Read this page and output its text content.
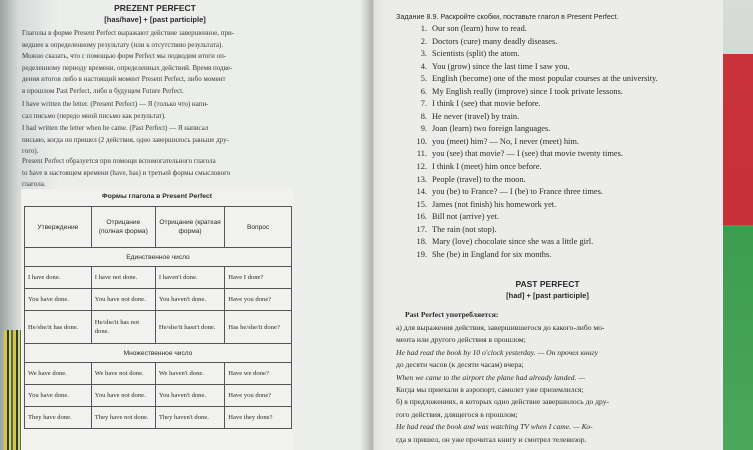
PREZENT PERFECT
[has/have] + [past participle]
Глаголы в форме Present Perfect выражают действие завершенное, при-
ведшее к определенному результату (или к отсутствию результата).
Можно сказать, что с помощью форм Perfect мы подводим итоги оп-
ределенному периоду времени, определенных действий. Время подве-
дения итогов либо в настоящий момент Present Perfect, либо момент
в прошлом Past Perfect, либо в будущем Future Perfect.
I have written the letter. (Present Perfect) — Я (только что) напи-
сал письмо (передо мной письмо как результат).
I had written the letter when he came. (Past Perfect) — Я написал
письмо, когда он пришел (2 действия, одно завершилось раньше дру-
гого).
Present Perfect образуется при помощи вспомогательного глагола
to have в настоящем времени (have, has) и третьей формы смыслового
глагола.
Формы глагола в Present Perfect
Утверждение	Отрицание (полная форма)	Отрицание (краткая форма)	Вопрос
Единственное число			
I have done.	I have not done.	I haven't done.	Have I done?
You have done.	You have not done.	You haven't done.	Have you done?
He/she/it has done.	He/she/it has not done.	He/she/it hasn't done.	Has he/she/it done?
Множественное число			
We have done.	We have not done.	We haven't done.	Have we done?
You have done.	You have not done.	You haven't done.	Have you done?
They have done.	They have not done.	They haven't done.	Have they done?
Задание 8.9. Раскройте скобки, поставьте глагол в Present Perfect.
1. Our son (learn) how to read.
2. Doctors (cure) many deadly diseases.
3. Scientists (split) the atom.
4. You (grow) since the last time I saw you.
5. English (become) one of the most popular courses at the university.
6. My English really (improve) since I took private lessons.
7. I think I (see) that movie before.
8. He never (travel) by train.
9. Joan (learn) two foreign languages.
10. you (meet) him? — No, I never (meet) him.
11. you (see) that movie? — I (see) that movie twenty times.
12. I think I (meet) him once before.
13. People (travel) to the moon.
14. you (be) to France? — I (be) to France three times.
15. James (not finish) his homework yet.
16. Bill not (arrive) yet.
17. The rain (not stop).
18. Mary (love) chocolate since she was a little girl.
19. She (be) in England for six months.
PAST PERFECT
[had] + [past participle]
Past Perfect употребляется:
а) для выражения действия, завершившегося до какого-либо мо-
мента или другого действия в прошлом;
He had read the book by 10 o'clock yesterday. — Он прочел книгу
до десяти часов (к десяти часам) вчера;
When we came to the airport the plane had already landed. —
Когда мы приехали в аэропорт, самолет уже приземлился;
б) в предложениях, в которых одно действие завершилось до дру-
гого действия, длящегося в прошлом;
He had read the book and was watching TV when I came. — Ко-
гда я пришел, он уже прочитал книгу и смотрел телевизор.
